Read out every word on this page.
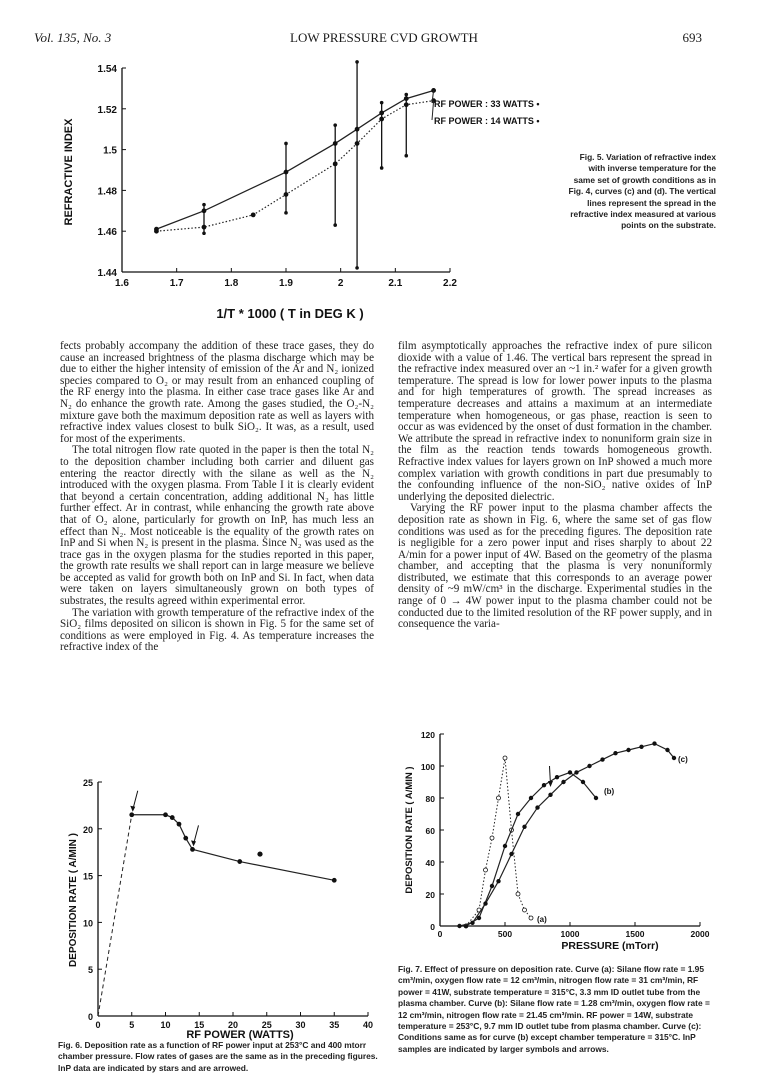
Vol. 135, No. 3	LOW PRESSURE CVD GROWTH	693
1.6	1.7	1.8	1.9	2	2.1	2.2
1.44
1.46
1.48
1.5
1.52
1.54
1/T * 1000 ( T in DEG K )
REFRACTIVE INDEX
RF POWER : 33 WATTS •
RF POWER : 14 WATTS •
Fig. 5. Variation of refractive index with inverse temperature for the same set of growth conditions as in Fig. 4, curves (c) and (d). The vertical lines represent the spread in the refractive index measured at various points on the substrate.

fects probably accompany the addition of these trace gases, they do cause an increased brightness of the plasma discharge which may be due to either the higher intensity of emission of the Ar and N₂ ionized species compared to O₂ or may result from an enhanced coupling of the RF energy into the plasma. In either case trace gases like Ar and N₂ do enhance the growth rate. Among the gases studied, the O₂-N₂ mixture gave both the maximum deposition rate as well as layers with refractive index values closest to bulk SiO₂. It was, as a result, used for most of the experiments.

The total nitrogen flow rate quoted in the paper is then the total N₂ to the deposition chamber including both carrier and diluent gas entering the reactor directly with the silane as well as the N₂ introduced with the oxygen plasma. From Table I it is clearly evident that beyond a certain concentration, adding additional N₂ has little further effect. Ar in contrast, while enhancing the growth rate above that of O₂ alone, particularly for growth on InP, has much less an effect than N₂. Most noticeable is the equality of the growth rates on InP and Si when N₂ is present in the plasma. Since N₂ was used as the trace gas in the oxygen plasma for the studies reported in this paper, the growth rate results we shall report can in large measure we believe be accepted as valid for growth both on InP and Si. In fact, when data were taken on layers simultaneously grown on both types of substrates, the results agreed within experimental error.

The variation with growth temperature of the refractive index of the SiO₂ films deposited on silicon is shown in Fig. 5 for the same set of conditions as were employed in Fig. 4. As temperature increases the refractive index of the

film asymptotically approaches the refractive index of pure silicon dioxide with a value of 1.46. The vertical bars represent the spread in the refractive index measured over an ~1 in.² wafer for a given growth temperature. The spread is low for lower power inputs to the plasma and for high temperatures of growth. The spread increases as temperature decreases and attains a maximum at an intermediate temperature when homogeneous, or gas phase, reaction is seen to occur as was evidenced by the onset of dust formation in the chamber. We attribute the spread in refractive index to nonuniform grain size in the film as the reaction tends towards homogeneous growth. Refractive index values for layers grown on InP showed a much more complex variation with growth conditions in part due presumably to the confounding influence of the non-SiO₂ native oxides of InP underlying the deposited dielectric.

Varying the RF power input to the plasma chamber affects the deposition rate as shown in Fig. 6, where the same set of gas flow conditions was used as for the preceding figures. The deposition rate is negligible for a zero power input and rises sharply to about 22 A/min for a power input of 4W. Based on the geometry of the plasma chamber, and accepting that the plasma is very nonuniformly distributed, we estimate that this corresponds to an average power density of ~9 mW/cm³ in the discharge. Experimental studies in the range of 0 → 4W power input to the plasma chamber could not be conducted due to the limited resolution of the RF power supply, and in consequence the varia-

0	5	10	15	20	25	30	35	40
0
5
10
15
20
25
RF POWER (WATTS)
DEPOSITION RATE ( A/MIN )
Fig. 6. Deposition rate as a function of RF power input at 253°C and 400 mtorr chamber pressure. Flow rates of gases are the same as in the preceding figures. InP data are indicated by stars and are arrowed.
0	500	1000	1500	2000
0
20
40
60
80
100
120
PRESSURE (mTorr)
DEPOSITION RATE ( A/MIN )
(a)
(b)
(c)
Fig. 7. Effect of pressure on deposition rate. Curve (a): Silane flow rate = 1.95 cm³/min, oxygen flow rate = 12 cm³/min, nitrogen flow rate = 31 cm³/min, RF power = 41W, substrate temperature = 315°C, 3.3 mm ID outlet tube from the plasma chamber. Curve (b): Silane flow rate = 1.28 cm³/min, oxygen flow rate = 12 cm³/min, nitrogen flow rate = 21.45 cm³/min. RF power = 14W, substrate temperature = 253°C, 9.7 mm ID outlet tube from plasma chamber. Curve (c): Conditions same as for curve (b) except chamber temperature = 315°C. InP samples are indicated by larger symbols and arrows.
